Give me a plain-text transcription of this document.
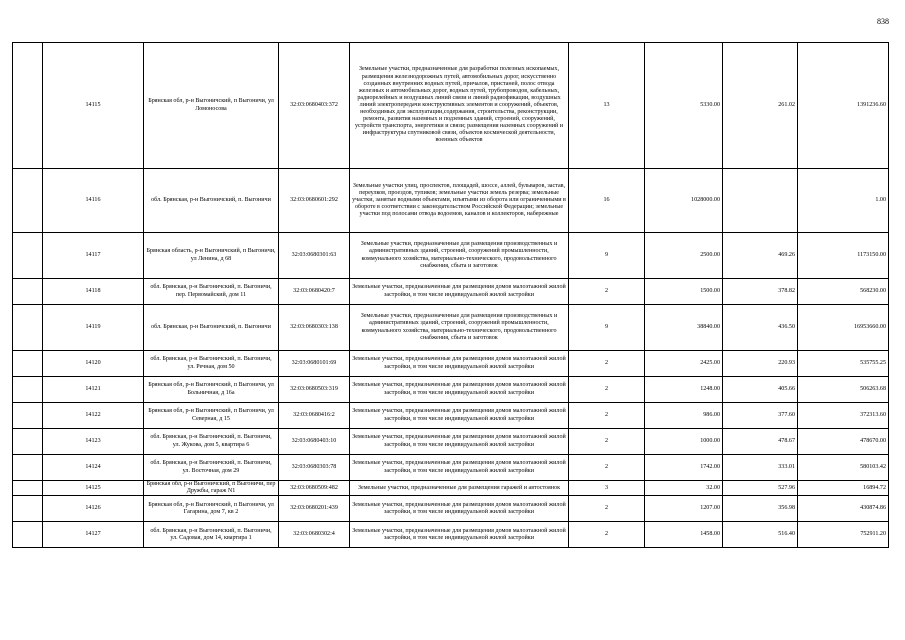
838
	14115	Брянская обл, р-н Выгоничский, п Выгоничи, ул Ломоносова	32:03:0680403:372	Земельные участки, предназначенные для разработки полезных ископаемых, размещения железнодорожных путей, автомобильных дорог, искусственно созданных внутренних водных путей, причалов, пристаней, полос отвода железных и автомобильных дорог, водных путей, трубопроводов, кабельных, радиорелейных и воздушных линий связи и линий радиофикации, воздушных линий электропередачи конструктивных элементов и сооружений, объектов, необходимых для эксплуатации,содержания, строительства, реконструкции, ремонта, развития наземных и подземных зданий, строений, сооружений, устройств транспорта, энергетики и связи; размещения наземных сооружений и инфраструктуры спутниковой связи, объектов космической деятельности, военных объектов	13	5330.00	261.02	1391236.60
	14116	обл. Брянская, р-н Выгоничский, п. Выгоничи	32:03:0680601:292	Земельные участки улиц, проспектов, площадей, шоссе, аллей, бульваров, застав, переулков, проездов, тупиков; земельные участки земель резерва; земельные участки, занятые водными объектами, изъятыми из оборота или ограниченными в обороте в соответствии с законодательством Российской Федерации; земельные участки под полосами отвода водоемов, каналов и коллекторов, набережные	16	1028000.00		1.00
	14117	Брянская область, р-н Выгоничский, п Выгоничи, ул Ленина, д 68	32:03:0680301:63	Земельные участки, предназначенные для размещения производственных и административных зданий, строений, сооружений промышленности, коммунального хозяйства, материально-технического, продовольственного снабжения, сбыта и заготовок	9	2500.00	469.26	1173150.00
	14118	обл. Брянская, р-н Выгоничский, п. Выгоничи, пер. Первомайский, дом 11	32:03:0680420:7	Земельные участки, предназначенные для размещения домов малоэтажной жилой застройки, в том числе индивидуальной жилой застройки	2	1500.00	378.82	568230.00
	14119	обл. Брянская, р-н Выгоничский, п. Выгоничи	32:03:0680303:138	Земельные участки, предназначенные для размещения производственных и административных зданий, строений, сооружений промышленности, коммунального хозяйства, материально-технического, продовольственного снабжения, сбыта и заготовок	9	38840.00	436.50	16953660.00
	14120	обл. Брянская, р-н Выгоничский, п. Выгоничи, ул. Речная, дом 50	32:03:0680101:69	Земельные участки, предназначенные для размещения домов малоэтажной жилой застройки, в том числе индивидуальной жилой застройки	2	2425.00	220.93	535755.25
	14121	Брянская обл, р-н Выгоничский, п Выгоничи, ул Больничная, д 16а	32:03:0680503:319	Земельные участки, предназначенные для размещения домов малоэтажной жилой застройки, в том числе индивидуальной жилой застройки	2	1248.00	405.66	506263.68
	14122	Брянская обл, р-н Выгоничский, п Выгоничи, ул Северная, д 15	32:03:0680416:2	Земельные участки, предназначенные для размещения домов малоэтажной жилой застройки, в том числе индивидуальной жилой застройки	2	986.00	377.60	372313.60
	14123	обл. Брянская, р-н Выгоничский, п. Выгоничи, ул. Жукова, дом 5, квартира 6	32:03:0680403:10	Земельные участки, предназначенные для размещения домов малоэтажной жилой застройки, в том числе индивидуальной жилой застройки	2	1000.00	478.67	478670.00
	14124	обл. Брянская, р-н Выгоничский, п. Выгоничи, ул. Восточная, дом 29	32:03:0680303:78	Земельные участки, предназначенные для размещения домов малоэтажной жилой застройки, в том числе индивидуальной жилой застройки	2	1742.00	333.01	580103.42
	14125	Брянская обл, р-н Выгоничский, п Выгоничи, пер Дружбы, гараж N1	32:03:0680509:482	Земельные участки, предназначенные для размещения гаражей и автостоянок	3	32.00	527.96	16894.72
	14126	Брянская обл, р-н Выгоничский, п Выгоничи, ул Гагарина, дом 7, кв 2	32:03:0680201:439	Земельные участки, предназначенные для размещения домов малоэтажной жилой застройки, в том числе индивидуальной жилой застройки	2	1207.00	356.98	430874.86
	14127	обл. Брянская, р-н Выгоничский, п. Выгоничи, ул. Садовая, дом 14, квартира 1	32:03:0680302:4	Земельные участки, предназначенные для размещения домов малоэтажной жилой застройки, в том числе индивидуальной жилой застройки	2	1458.00	516.40	752911.20
